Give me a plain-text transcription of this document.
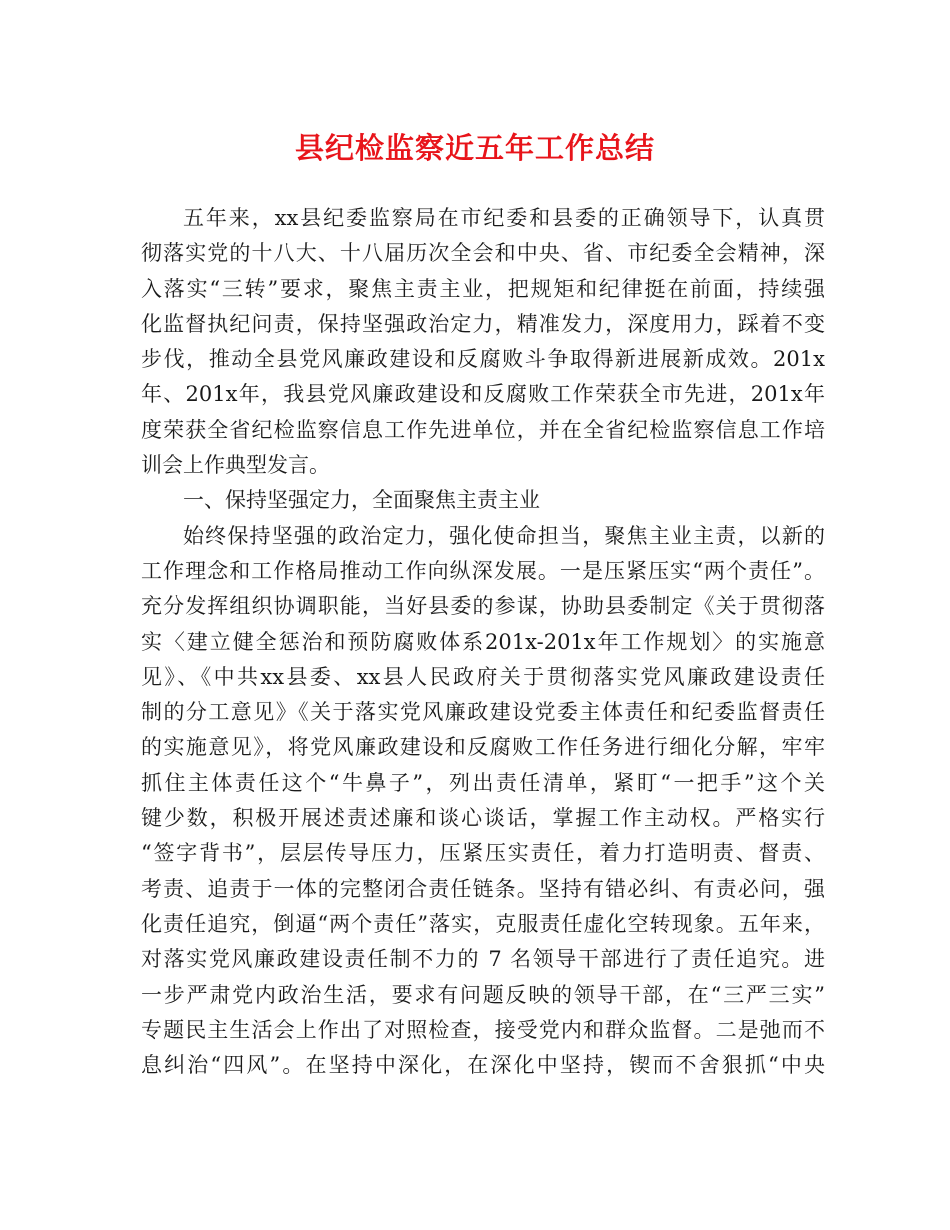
县纪检监察近五年工作总结
五年来，xx县纪委监察局在市纪委和县委的正确领导下，认真贯
彻落实党的十八大、十八届历次全会和中央、省、市纪委全会精神，深
入落实“三转”要求，聚焦主责主业，把规矩和纪律挺在前面，持续强
化监督执纪问责，保持坚强政治定力，精准发力，深度用力，踩着不变
步伐，推动全县党风廉政建设和反腐败斗争取得新进展新成效。201x
年、201x年，我县党风廉政建设和反腐败工作荣获全市先进，201x年
度荣获全省纪检监察信息工作先进单位，并在全省纪检监察信息工作培
训会上作典型发言。
一、保持坚强定力，全面聚焦主责主业
始终保持坚强的政治定力，强化使命担当，聚焦主业主责，以新的
工作理念和工作格局推动工作向纵深发展。一是压紧压实“两个责任”。
充分发挥组织协调职能，当好县委的参谋，协助县委制定《关于贯彻落
实〈建立健全惩治和预防腐败体系201x-201x年工作规划〉的实施意
见》、《中共xx县委、xx县人民政府关于贯彻落实党风廉政建设责任
制的分工意见》《关于落实党风廉政建设党委主体责任和纪委监督责任
的实施意见》，将党风廉政建设和反腐败工作任务进行细化分解，牢牢
抓住主体责任这个“牛鼻子”，列出责任清单，紧盯“一把手”这个关
键少数，积极开展述责述廉和谈心谈话，掌握工作主动权。严格实行
“签字背书”，层层传导压力，压紧压实责任，着力打造明责、督责、
考责、追责于一体的完整闭合责任链条。坚持有错必纠、有责必问，强
化责任追究，倒逼“两个责任”落实，克服责任虚化空转现象。五年来，
对落实党风廉政建设责任制不力的 7 名领导干部进行了责任追究。进
一步严肃党内政治生活，要求有问题反映的领导干部，在“三严三实”
专题民主生活会上作出了对照检查，接受党内和群众监督。二是弛而不
息纠治“四风”。在坚持中深化，在深化中坚持，锲而不舍狠抓“中央
